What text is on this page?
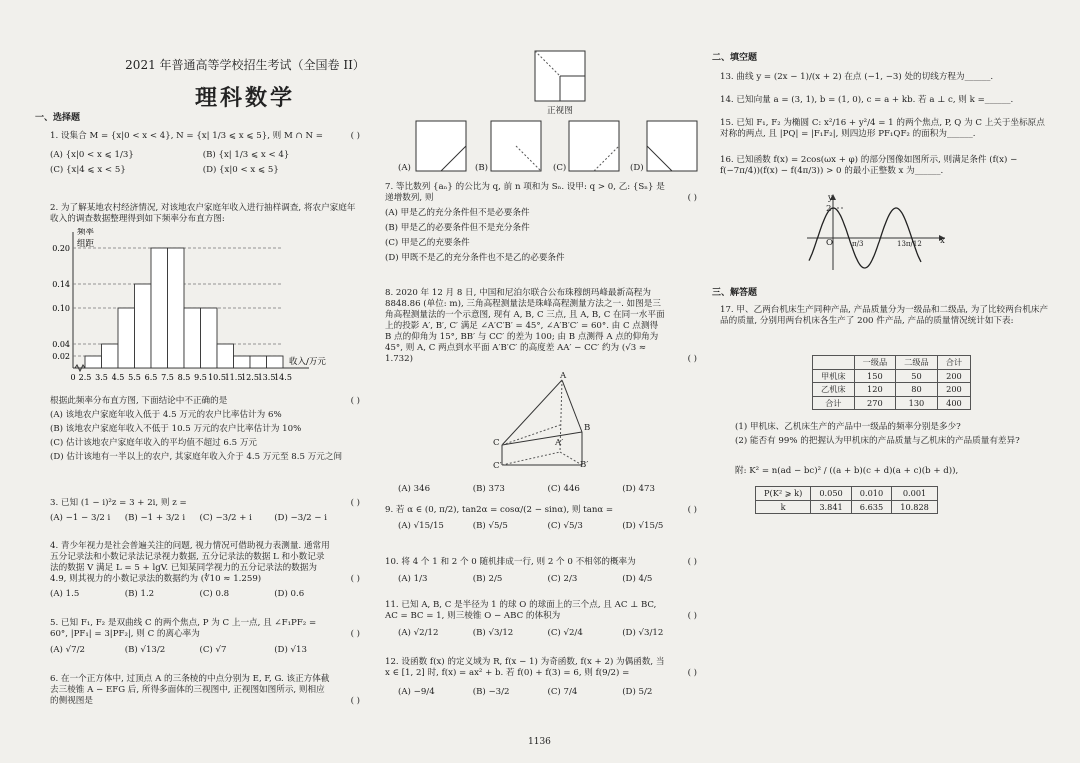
2021 年普通高等学校招生考试（全国卷 II）
理科数学
一、选择题
1. 设集合 M = {x|0 < x < 4}, N = {x| 1/3 ⩽ x ⩽ 5}, 则 M ∩ N =	( )
(A) {x|0 < x ⩽ 1/3}	(B) {x| 1/3 ⩽ x < 4}
(C) {x|4 ⩽ x < 5}	(D) {x|0 < x ⩽ 5}
2. 为了解某地农村经济情况, 对该地农户家庭年收入进行抽样调查, 将农户家庭年收入的调查数据整理得到如下频率分布直方图:
0.02
0.04
0.10
0.14
0.20
0 2.5 3.5 4.5 5.5 6.5 7.5 8.5 9.5 10.5
11.5
12.5
13.5
14.5
收入/万元
频率
组距
根据此频率分布直方图, 下面结论中不正确的是	( )
(A) 该地农户家庭年收入低于 4.5 万元的农户比率估计为 6%
(B) 该地农户家庭年收入不低于 10.5 万元的农户比率估计为 10%
(C) 估计该地农户家庭年收入的平均值不超过 6.5 万元
(D) 估计该地有一半以上的农户, 其家庭年收入介于 4.5 万元至 8.5 万元之间
3. 已知 (1 − i)²z = 3 + 2i, 则 z =	( )
(A) −1 − 3/2 i (B) −1 + 3/2 i (C) −3/2 + i	(D) −3/2 − i
4. 青少年视力是社会普遍关注的问题, 视力情况可借助视力表测量. 通常用五分记录法和小数记录法记录视力数据, 五分记录法的数据 L 和小数记录法的数据 V 满足 L = 5 + lgV. 已知某同学视力的五分记录法的数据为 4.9, 则其视力的小数记录法的数据约为 (∜10 ≈ 1.259)	( )
(A) 1.5	(B) 1.2	(C) 0.8	(D) 0.6
5. 已知 F₁, F₂ 是双曲线 C 的两个焦点, P 为 C 上一点, 且 ∠F₁PF₂ = 60°, |PF₁| = 3|PF₂|, 则 C 的离心率为	( )
(A) √7/2	(B) √13/2	(C) √7	(D) √13
6. 在一个正方体中, 过顶点 A 的三条棱的中点分别为 E, F, G. 该正方体截去三棱锥 A − EFG 后, 所得多面体的三视图中, 正视图如图所示, 则相应的侧视图是	( )
正视图
(A)	(B)	(C)	(D)
7. 等比数列 {aₙ} 的公比为 q, 前 n 项和为 Sₙ. 设甲: q > 0, 乙: {Sₙ} 是递增数列, 则	( )
(A) 甲是乙的充分条件但不是必要条件
(B) 甲是乙的必要条件但不是充分条件
(C) 甲是乙的充要条件
(D) 甲既不是乙的充分条件也不是乙的必要条件
8. 2020 年 12 月 8 日, 中国和尼泊尔联合公布珠穆朗玛峰最新高程为 8848.86 (单位: m), 三角高程测量法是珠峰高程测量方法之一. 如图是三角高程测量法的一个示意图, 现有 A, B, C 三点, 且 A, B, C 在同一水平面上的投影 A′, B′, C′ 满足 ∠A′C′B′ = 45°, ∠A′B′C′ = 60°. 由 C 点测得 B 点的仰角为 15°, BB′ 与 CC′ 的差为 100; 由 B 点测得 A 点的仰角为 45°, 则 A, C 两点到水平面 A′B′C′ 的高度差 AA′ − CC′ 约为 (√3 ≈ 1.732)	( )
A
B
C	A′
B′
C′
(A) 346	(B) 373	(C) 446	(D) 473
9. 若 α ∈ (0, π/2), tan2α = cosα/(2 − sinα), 则 tanα =	( )
(A) √15/15	(B) √5/5	(C) √5/3	(D) √15/5
10. 将 4 个 1 和 2 个 0 随机排成一行, 则 2 个 0 不相邻的概率为	( )
(A) 1/3	(B) 2/5	(C) 2/3	(D) 4/5
11. 已知 A, B, C 是半径为 1 的球 O 的球面上的三个点, 且 AC ⊥ BC, AC = BC = 1, 则三棱锥 O − ABC 的体积为	( )
(A) √2/12	(B) √3/12	(C) √2/4	(D) √3/12
12. 设函数 f(x) 的定义域为 R, f(x − 1) 为奇函数, f(x + 2) 为偶函数, 当 x ∈ [1, 2] 时, f(x) = ax² + b. 若 f(0) + f(3) = 6, 则 f(9/2) =	( )
(A) −9/4	(B) −3/2	(C) 7/4	(D) 5/2
1136
二、填空题
13. 曲线 y = (2x − 1)/(x + 2) 在点 (−1, −3) 处的切线方程为______.
14. 已知向量 a = (3, 1), b = (1, 0), c = a + kb. 若 a ⊥ c, 则 k =______.
15. 已知 F₁, F₂ 为椭圆 C: x²/16 + y²/4 = 1 的两个焦点, P, Q 为 C 上关于坐标原点对称的两点, 且 |PQ| = |F₁F₂|, 则四边形 PF₁QF₂ 的面积为______.
16. 已知函数 f(x) = 2cos(ωx + φ) 的部分图像如图所示, 则满足条件 (f(x) − f(−7π/4))(f(x) − f(4π/3)) > 0 的最小正整数 x 为______.
y
2
O	π/3	13π/12 x
三、解答题
17. 甲、乙两台机床生产同种产品, 产品质量分为一级品和二级品, 为了比较两台机床产品的质量, 分别用两台机床各生产了 200 件产品, 产品的质量情况统计如下表:
	一级品	二级品	合计
甲机床	150	50	200
乙机床	120	80	200
合计	270	130	400
(1) 甲机床、乙机床生产的产品中一级品的频率分别是多少?
(2) 能否有 99% 的把握认为甲机床的产品质量与乙机床的产品质量有差异?
附: K² = n(ad − bc)² / ((a + b)(c + d)(a + c)(b + d)),
P(K² ⩾ k)	0.050	0.010	0.001
k	3.841	6.635	10.828
